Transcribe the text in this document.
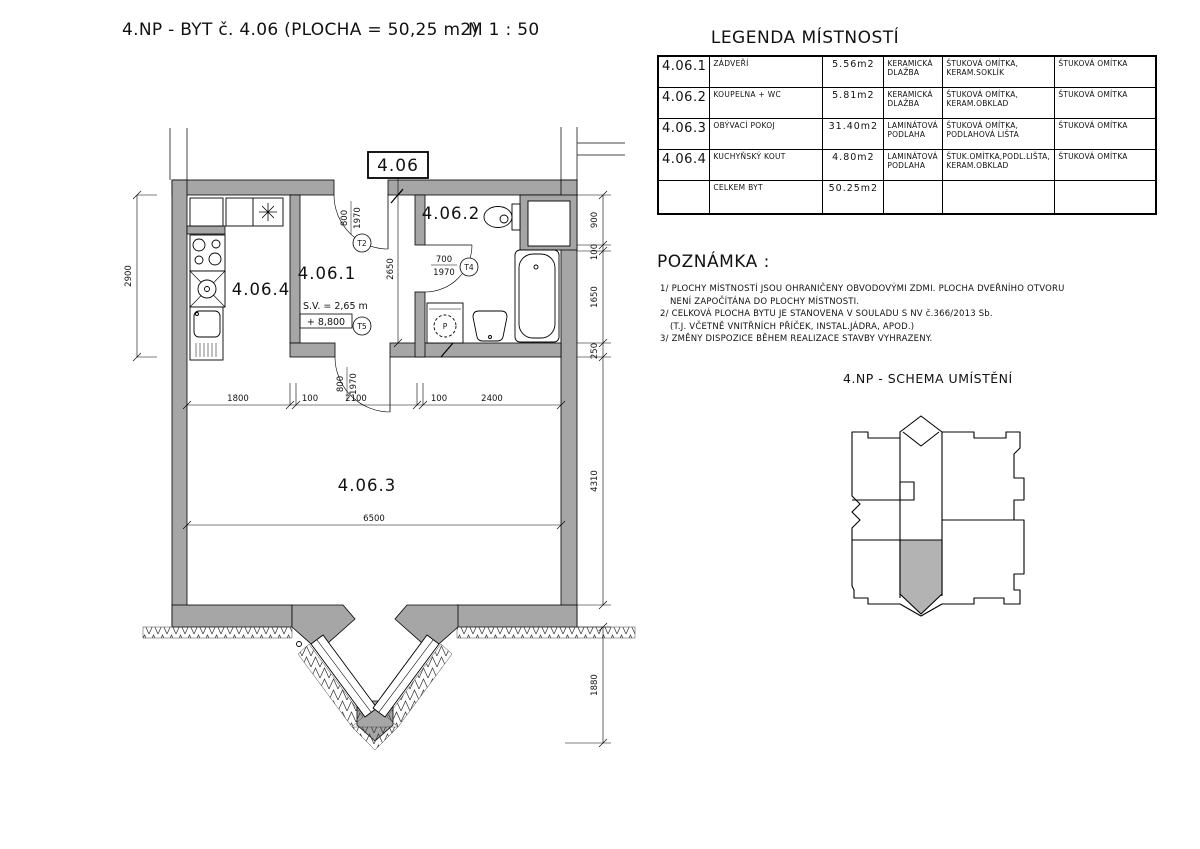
4.NP - BYT č. 4.06 (PLOCHA = 50,25 m2)
M 1 : 50	LEGENDA MÍSTNOSTÍ
4.06.1	ZÁDVEŘÍ	5.56m2	KERAMICKÁ DLAŽBA	ŠTUKOVÁ OMÍTKA, KERAM.SOKLÍK	ŠTUKOVÁ OMÍTKA
4.06.2	KOUPELNA + WC	5.81m2	KERAMICKÁ DLAŽBA	ŠTUKOVÁ OMÍTKA, KERAM.OBKLAD	ŠTUKOVÁ OMÍTKA
4.06.3	OBÝVACÍ POKOJ	31.40m2	LAMINÁTOVÁ PODLAHA	ŠTUKOVÁ OMÍTKA, PODLAHOVÁ LIŠTA	ŠTUKOVÁ OMÍTKA
4.06.4	KUCHYŇSKÝ KOUT	4.80m2	LAMINÁTOVÁ PODLAHA	ŠTUK.OMÍTKA,PODL.LIŠTA, KERAM.OBKLAD	ŠTUKOVÁ OMÍTKA
	CELKEM BYT	50.25m2			
POZNÁMKA :
1/ PLOCHY MÍSTNOSTÍ JSOU OHRANIČENY OBVODOVÝMI ZDMI. PLOCHA DVEŘNÍHO OTVORU
NENÍ ZAPOČÍTÁNA DO PLOCHY MÍSTNOSTI.
2/ CELKOVÁ PLOCHA BYTU JE STANOVENA V SOULADU S NV č.366/2013 Sb.
(T.J. VČETNĚ VNITŘNÍCH PŘÍČEK, INSTAL.JÁDRA, APOD.)
3/ ZMĚNY DISPOZICE BĚHEM REALIZACE STAVBY VYHRAZENY.
4.NP - SCHEMA UMÍSTĚNÍ
4.06
4.06.1
4.06.2
4.06.3
4.06.4
S.V. = 2,65 m
+ 8,800
T2
T4
T5
800 1970
800 1970
700
1970
P
2900	2650
1800	100	2100	100	2400
6500
900
100
1650
250
4310
1880
